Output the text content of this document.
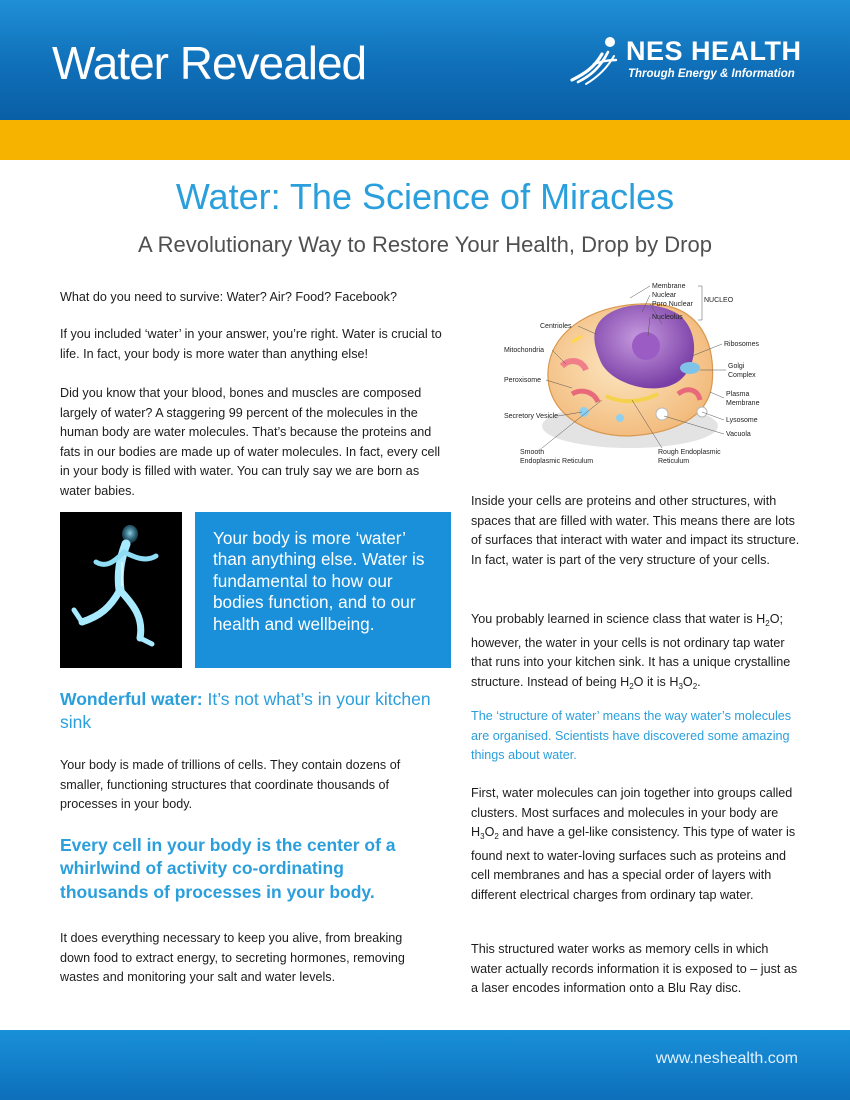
Water Revealed	NES HEALTH
Through Energy & Information
Water: The Science of Miracles
A Revolutionary Way to Restore Your Health, Drop by Drop
What do you need to survive: Water? Air? Food? Facebook?
If you included ‘water’ in your answer, you’re right. Water is crucial to life. In fact, your body is more water than anything else!
Did you know that your blood, bones and muscles are composed largely of water? A staggering 99 percent of the molecules in the human body are water molecules. That’s because the proteins and fats in our bodies are made up of water molecules. In fact, every cell in your body is filled with water. You can truly say we are born as water babies.
Your body is more ‘water’ than anything else. Water is fundamental to how our bodies function, and to our health and wellbeing.
Wonderful water: It’s not what’s in your kitchen sink
Your body is made of trillions of cells. They contain dozens of smaller, functioning structures that coordinate thousands of processes in your body.
Every cell in your body is the center of a whirlwind of activity co-ordinating thousands of processes in your body.
It does everything necessary to keep you alive, from breaking down food to extract energy, to secreting hormones, removing wastes and monitoring your salt and water levels.
Membrane
Nuclear
Poro Nuclear
Nucleolus
NUCLEO
Centrioles
Ribosomes
Mitochondria
Golgi
Complex
Peroxisome
Plasma
Membrane
Secretory Vesicle
Lysosome
Vacuola
Smooth
Endoplasmic Reticulum
Rough Endoplasmic
Reticulum
Inside your cells are proteins and other structures, with spaces that are filled with water. This means there are lots of surfaces that interact with water and impact its structure. In fact, water is part of the very structure of your cells.
You probably learned in science class that water is $H_2O$; however, the water in your cells is not ordinary tap water that runs into your kitchen sink. It has a unique crystalline structure. Instead of being $H_2O$ it is $H_3O_2$.
The ‘structure of water’ means the way water’s molecules are organised. Scientists have discovered some amazing things about water.
First, water molecules can join together into groups called clusters. Most surfaces and molecules in your body are $H_3O_2$ and have a gel-like consistency. This type of water is found next to water-loving surfaces such as proteins and cell membranes and has a special order of layers with different electrical charges from ordinary tap water.
This structured water works as memory cells in which water actually records information it is exposed to – just as a laser encodes information onto a Blu Ray disc.
www.neshealth.com
